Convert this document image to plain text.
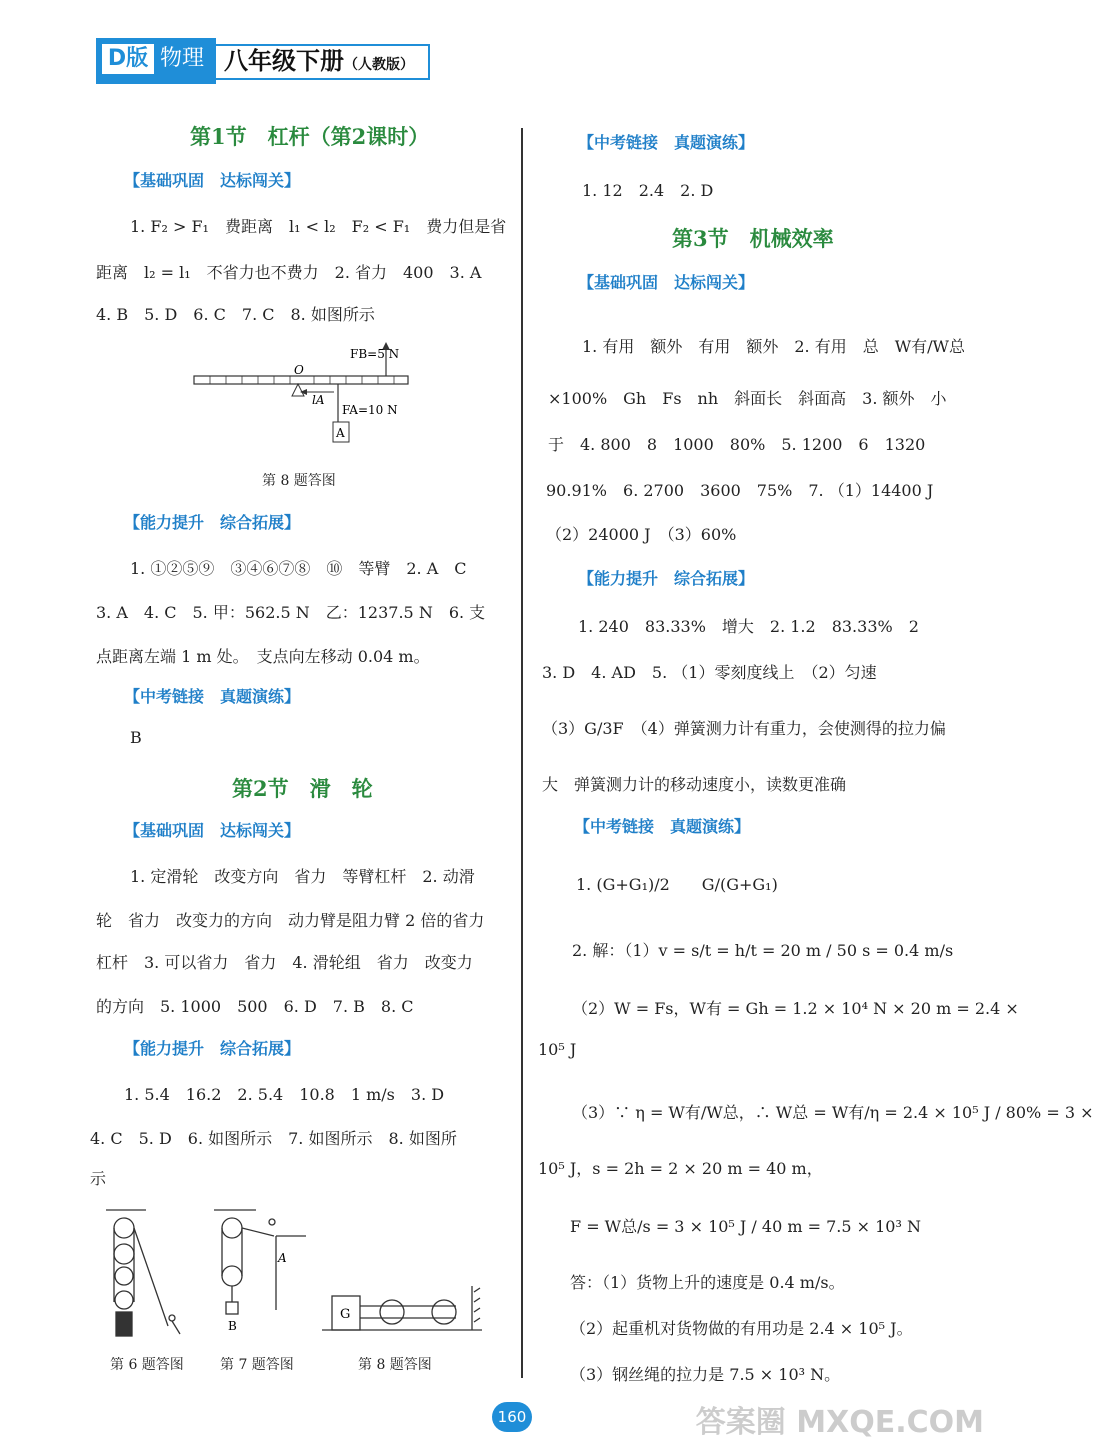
D版 物理 八年级下册（人教版）
第1节　杠杆（第2课时）
【基础巩固　达标闯关】
1. F₂ > F₁　费距离　l₁ < l₂　F₂ < F₁　费力但是省
距离　l₂ = l₁　不省力也不费力　2. 省力　400　3. A
4. B　5. D　6. C　7. C　8. 如图所示
FB=5 N
O
lA
FA=10 N
A
第 8 题答图
【能力提升　综合拓展】
1. ①②⑤⑨　③④⑥⑦⑧　⑩　等臂　2. A　C
3. A　4. C　5. 甲：562.5 N　乙：1237.5 N　6. 支
点距离左端 1 m 处。　支点向左移动 0.04 m。
【中考链接　真题演练】
B
第2节　滑　轮
【基础巩固　达标闯关】
1. 定滑轮　改变方向　省力　等臂杠杆　2. 动滑
轮　省力　改变力的方向　动力臂是阻力臂 2 倍的省力
杠杆　3. 可以省力　省力　4. 滑轮组　省力　改变力
的方向　5. 1000　500　6. D　7. B　8. C
【能力提升　综合拓展】
1. 5.4　16.2　2. 5.4　10.8　1 m/s　3. D
4. C　5. D　6. 如图所示　7. 如图所示　8. 如图所
示
A
B
G
第 6 题答图	第 7 题答图	第 8 题答图
【中考链接　真题演练】
1. 12　2.4　2. D
第3节　机械效率
【基础巩固　达标闯关】
1. 有用　额外　有用　额外　2. 有用　总　W有/W总
×100%　Gh　Fs　nh　斜面长　斜面高　3. 额外　小
于　4. 800　8　1000　80%　5. 1200　6　1320
90.91%　6. 2700　3600　75%　7. （1）14400 J
（2）24000 J　（3）60%
【能力提升　综合拓展】
1. 240　83.33%　增大　2. 1.2　83.33%　2
3. D　4. AD　5. （1）零刻度线上　（2）匀速
（3）G/3F　（4）弹簧测力计有重力，会使测得的拉力偏
大　弹簧测力计的移动速度小，读数更准确
【中考链接　真题演练】
1. (G+G₁)/2　　G/(G+G₁)
2. 解：（1）v = s/t = h/t = 20 m / 50 s = 0.4 m/s
（2）W = Fs，W有 = Gh = 1.2 × 10⁴ N × 20 m = 2.4 ×
10⁵ J
（3）∵ η = W有/W总，∴ W总 = W有/η = 2.4 × 10⁵ J / 80% = 3 ×
10⁵ J，s = 2h = 2 × 20 m = 40 m，
F = W总/s = 3 × 10⁵ J / 40 m = 7.5 × 10³ N
答：（1）货物上升的速度是 0.4 m/s。
（2）起重机对货物做的有用功是 2.4 × 10⁵ J。
（3）钢丝绳的拉力是 7.5 × 10³ N。
160	答案圈 MXQE.COM
